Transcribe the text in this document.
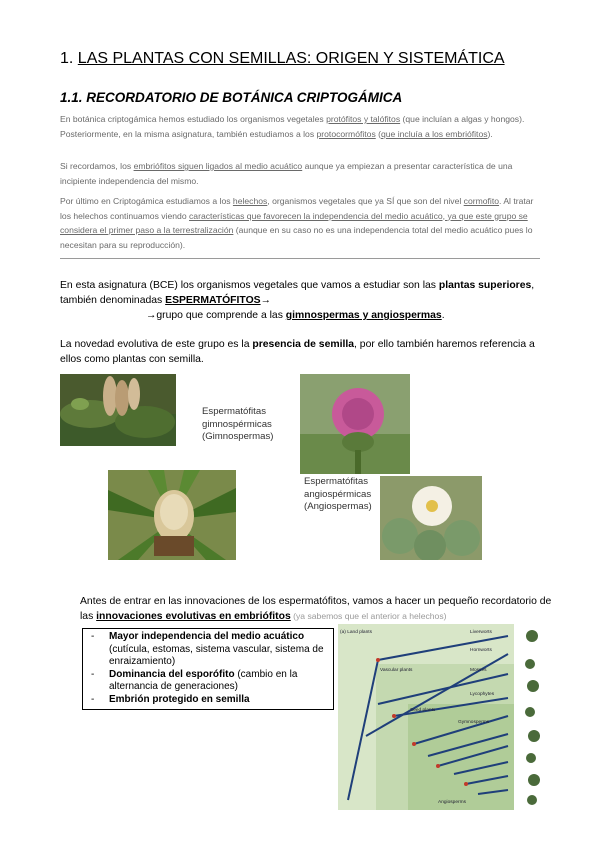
1. LAS PLANTAS CON SEMILLAS: ORIGEN Y SISTEMÁTICA
1.1. RECORDATORIO DE BOTÁNICA CRIPTOGÁMICA
En botánica criptogámica hemos estudiado los organismos vegetales protófitos y talófitos (que incluían a algas y hongos). Posteriormente, en la misma asignatura, también estudiamos a los protocormófitos (que incluía a los embriófitos).
Si recordamos, los embriófitos siguen ligados al medio acuático aunque ya empiezan a presentar característica de una incipiente independencia del mismo.
Por último en Criptogámica estudiamos a los helechos, organismos vegetales que ya SÍ que son del nivel cormofito. Al tratar los helechos continuamos viendo características que favorecen la independencia del medio acuático, ya que este grupo se considera el primer paso a la terrestralización (aunque en su caso no es una independencia total del medio acuático pues lo necesitan para su reproducción).
En esta asignatura (BCE) los organismos vegetales que vamos a estudiar son las plantas superiores, también denominadas ESPERMATÓFITOS→
→grupo que comprende a las gimnospermas y angiospermas.
La novedad evolutiva de este grupo es la presencia de semilla, por ello también haremos referencia a ellos como plantas con semilla.
Espermatófitas
gimnospérmicas
(Gimnospermas)
Espermatófitas
angiospérmicas
(Angiospermas)
Antes de entrar en las innovaciones de los espermatófitos, vamos a hacer un pequeño recordatorio de las innovaciones evolutivas en embriófitos (ya sabemos que el anterior a helechos)
- Mayor independencia del medio acuático (cutícula, estomas, sistema vascular, sistema de enraizamiento)
- Dominancia del esporófito (cambio en la alternancia de generaciones)
- Embrión protegido en semilla
(a) Land plants	Liverworts
Hornworts
Mosses
Vascular plants
Lycophytes
Seed plants
Gymnosperms
Angiosperms
